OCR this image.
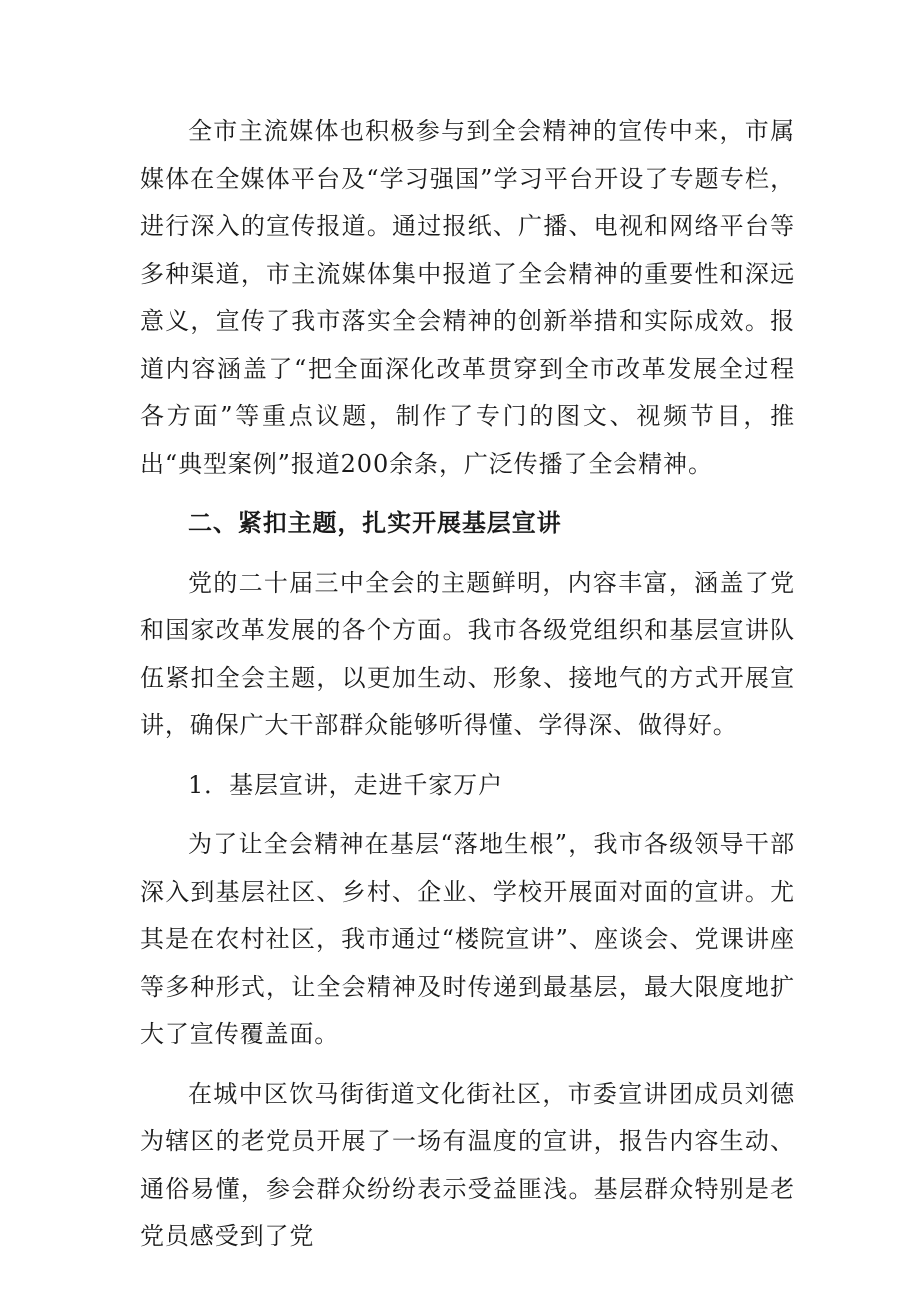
全市主流媒体也积极参与到全会精神的宣传中来，市属媒体在全媒体平台及“学习强国”学习平台开设了专题专栏，进行深入的宣传报道。通过报纸、广播、电视和网络平台等多种渠道，市主流媒体集中报道了全会精神的重要性和深远意义，宣传了我市落实全会精神的创新举措和实际成效。报道内容涵盖了“把全面深化改革贯穿到全市改革发展全过程各方面”等重点议题，制作了专门的图文、视频节目，推出“典型案例”报道200余条，广泛传播了全会精神。

二、紧扣主题，扎实开展基层宣讲

党的二十届三中全会的主题鲜明，内容丰富，涵盖了党和国家改革发展的各个方面。我市各级党组织和基层宣讲队伍紧扣全会主题，以更加生动、形象、接地气的方式开展宣讲，确保广大干部群众能够听得懂、学得深、做得好。

1．基层宣讲，走进千家万户

为了让全会精神在基层“落地生根”，我市各级领导干部深入到基层社区、乡村、企业、学校开展面对面的宣讲。尤其是在农村社区，我市通过“楼院宣讲”、座谈会、党课讲座等多种形式，让全会精神及时传递到最基层，最大限度地扩大了宣传覆盖面。

在城中区饮马街街道文化街社区，市委宣讲团成员刘德为辖区的老党员开展了一场有温度的宣讲，报告内容生动、通俗易懂，参会群众纷纷表示受益匪浅。基层群众特别是老党员感受到了党
